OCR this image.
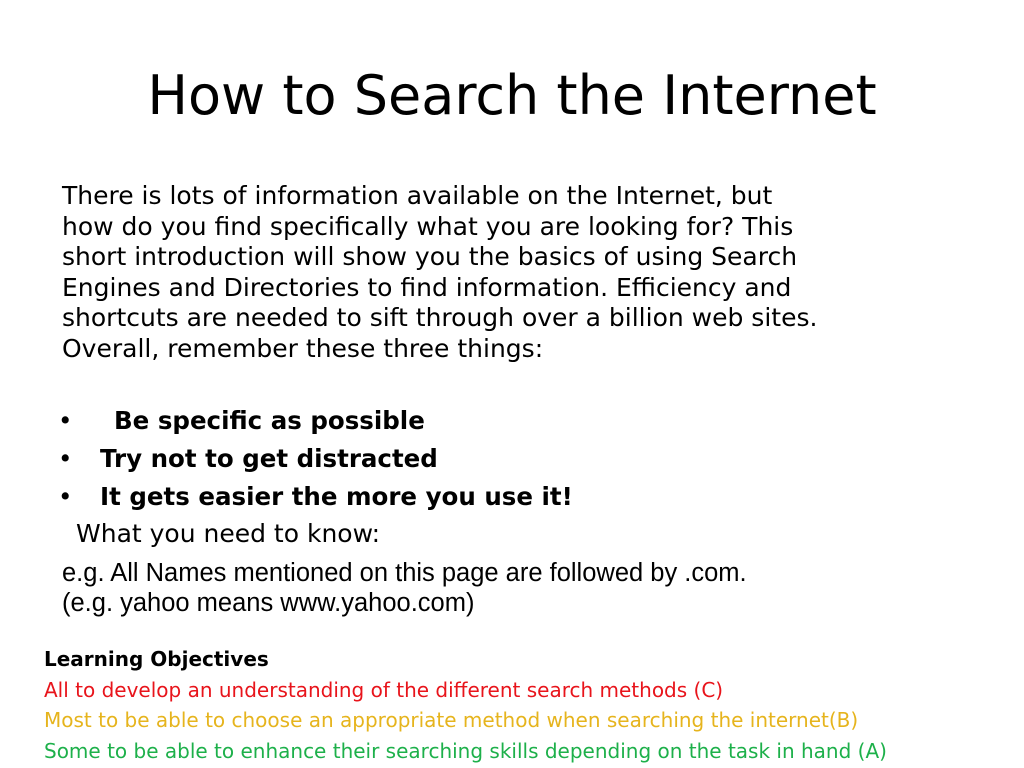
How to Search the Internet

There is lots of information available on the Internet, but
how do you find specifically what you are looking for? This
short introduction will show you the basics of using Search
Engines and Directories to find information. Efficiency and
shortcuts are needed to sift through over a billion web sites.
Overall, remember these three things:

• Be specific as possible
• Try not to get distracted
• It gets easier the more you use it!

What you need to know:

e.g. All Names mentioned on this page are followed by .com.
(e.g. yahoo means www.yahoo.com)

Learning Objectives
All to develop an understanding of the different search methods (C)
Most to be able to choose an appropriate method when searching the internet(B)
Some to be able to enhance their searching skills depending on the task in hand (A)
